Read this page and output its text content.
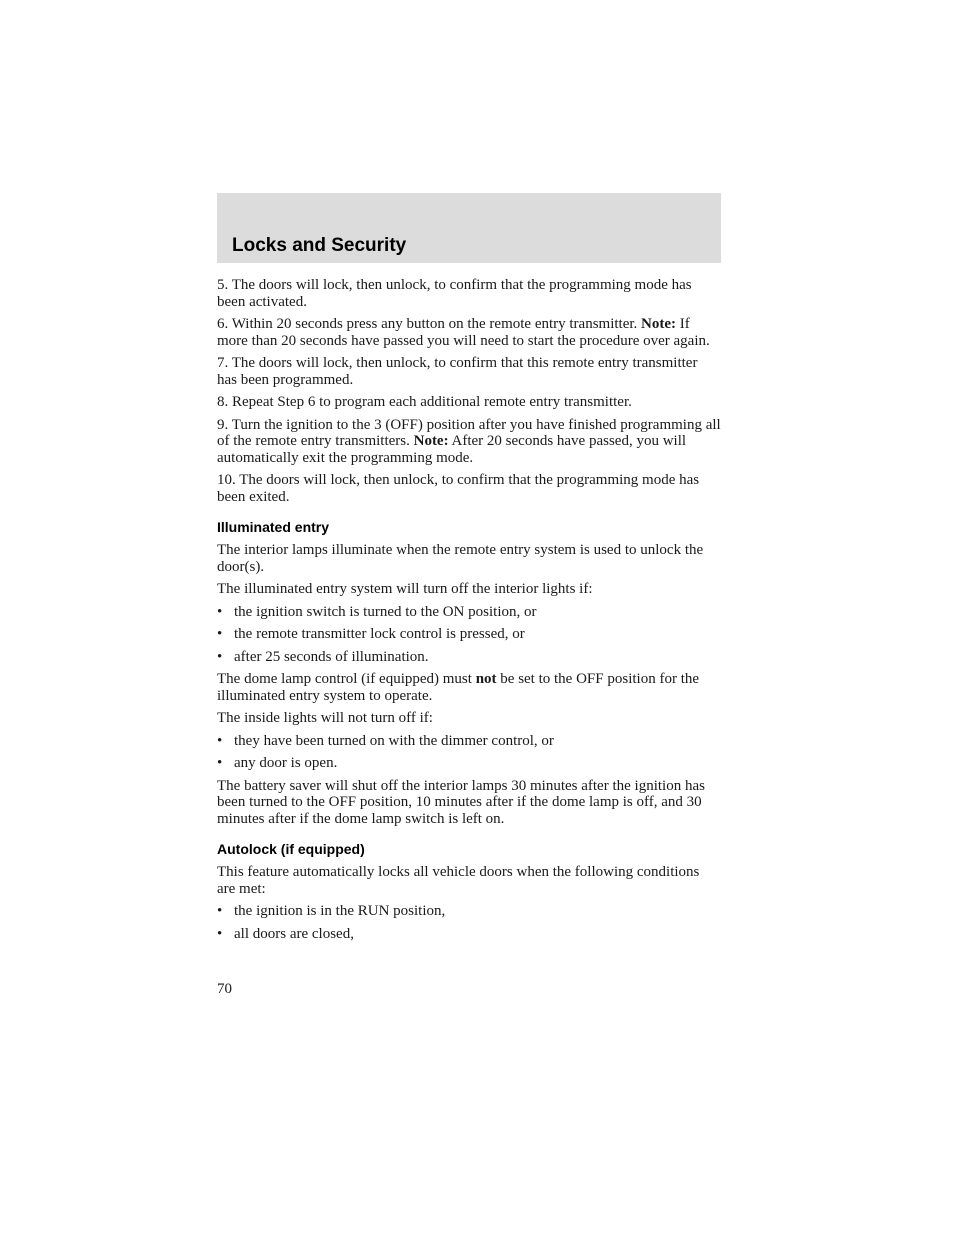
Locks and Security

5. The doors will lock, then unlock, to confirm that the programming mode has been activated.

6. Within 20 seconds press any button on the remote entry transmitter. Note: If more than 20 seconds have passed you will need to start the procedure over again.

7. The doors will lock, then unlock, to confirm that this remote entry transmitter has been programmed.

8. Repeat Step 6 to program each additional remote entry transmitter.

9. Turn the ignition to the 3 (OFF) position after you have finished programming all of the remote entry transmitters. Note: After 20 seconds have passed, you will automatically exit the programming mode.

10. The doors will lock, then unlock, to confirm that the programming mode has been exited.

Illuminated entry

The interior lamps illuminate when the remote entry system is used to unlock the door(s).

The illuminated entry system will turn off the interior lights if:

• the ignition switch is turned to the ON position, or
• the remote transmitter lock control is pressed, or
• after 25 seconds of illumination.

The dome lamp control (if equipped) must not be set to the OFF position for the illuminated entry system to operate.

The inside lights will not turn off if:

• they have been turned on with the dimmer control, or
• any door is open.

The battery saver will shut off the interior lamps 30 minutes after the ignition has been turned to the OFF position, 10 minutes after if the dome lamp is off, and 30 minutes after if the dome lamp switch is left on.

Autolock (if equipped)

This feature automatically locks all vehicle doors when the following conditions are met:

• the ignition is in the RUN position,
• all doors are closed,
70
